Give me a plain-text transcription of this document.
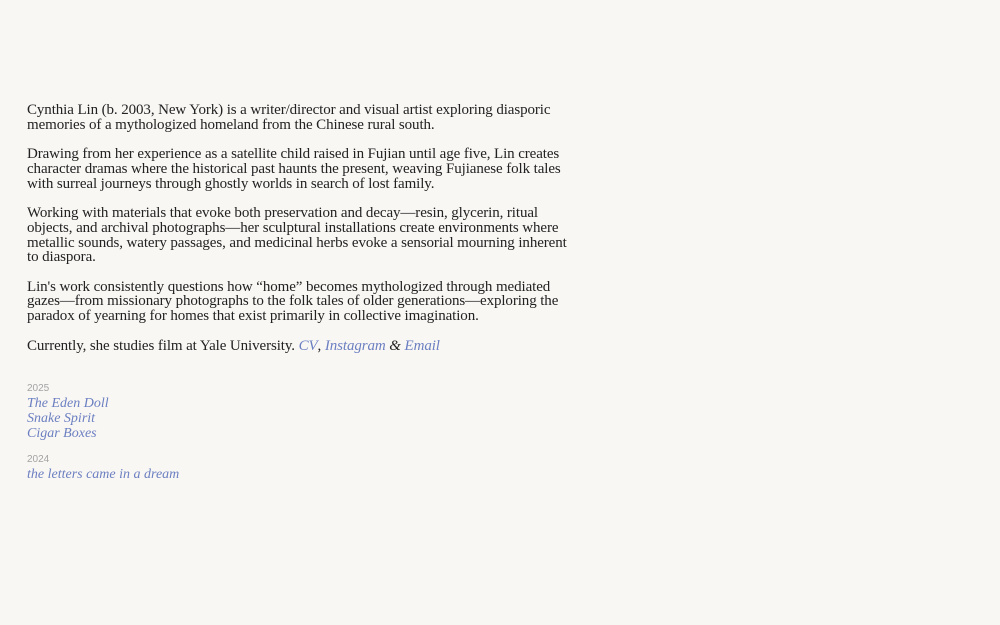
Cynthia Lin (b. 2003, New York) is a writer/director and visual artist exploring diasporic memories of a mythologized homeland from the Chinese rural south.

Drawing from her experience as a satellite child raised in Fujian until age five, Lin creates character dramas where the historical past haunts the present, weaving Fujianese folk tales with surreal journeys through ghostly worlds in search of lost family.

Working with materials that evoke both preservation and decay—resin, glycerin, ritual objects, and archival photographs—her sculptural installations create environments where metallic sounds, watery passages, and medicinal herbs evoke a sensorial mourning inherent to diaspora.

Lin's work consistently questions how “home” becomes mythologized through mediated gazes—from missionary photographs to the folk tales of older generations—exploring the paradox of yearning for homes that exist primarily in collective imagination.

Currently, she studies film at Yale University. CV, Instagram & Email

2025
The Eden Doll
Snake Spirit
Cigar Boxes
2024
the letters came in a dream
